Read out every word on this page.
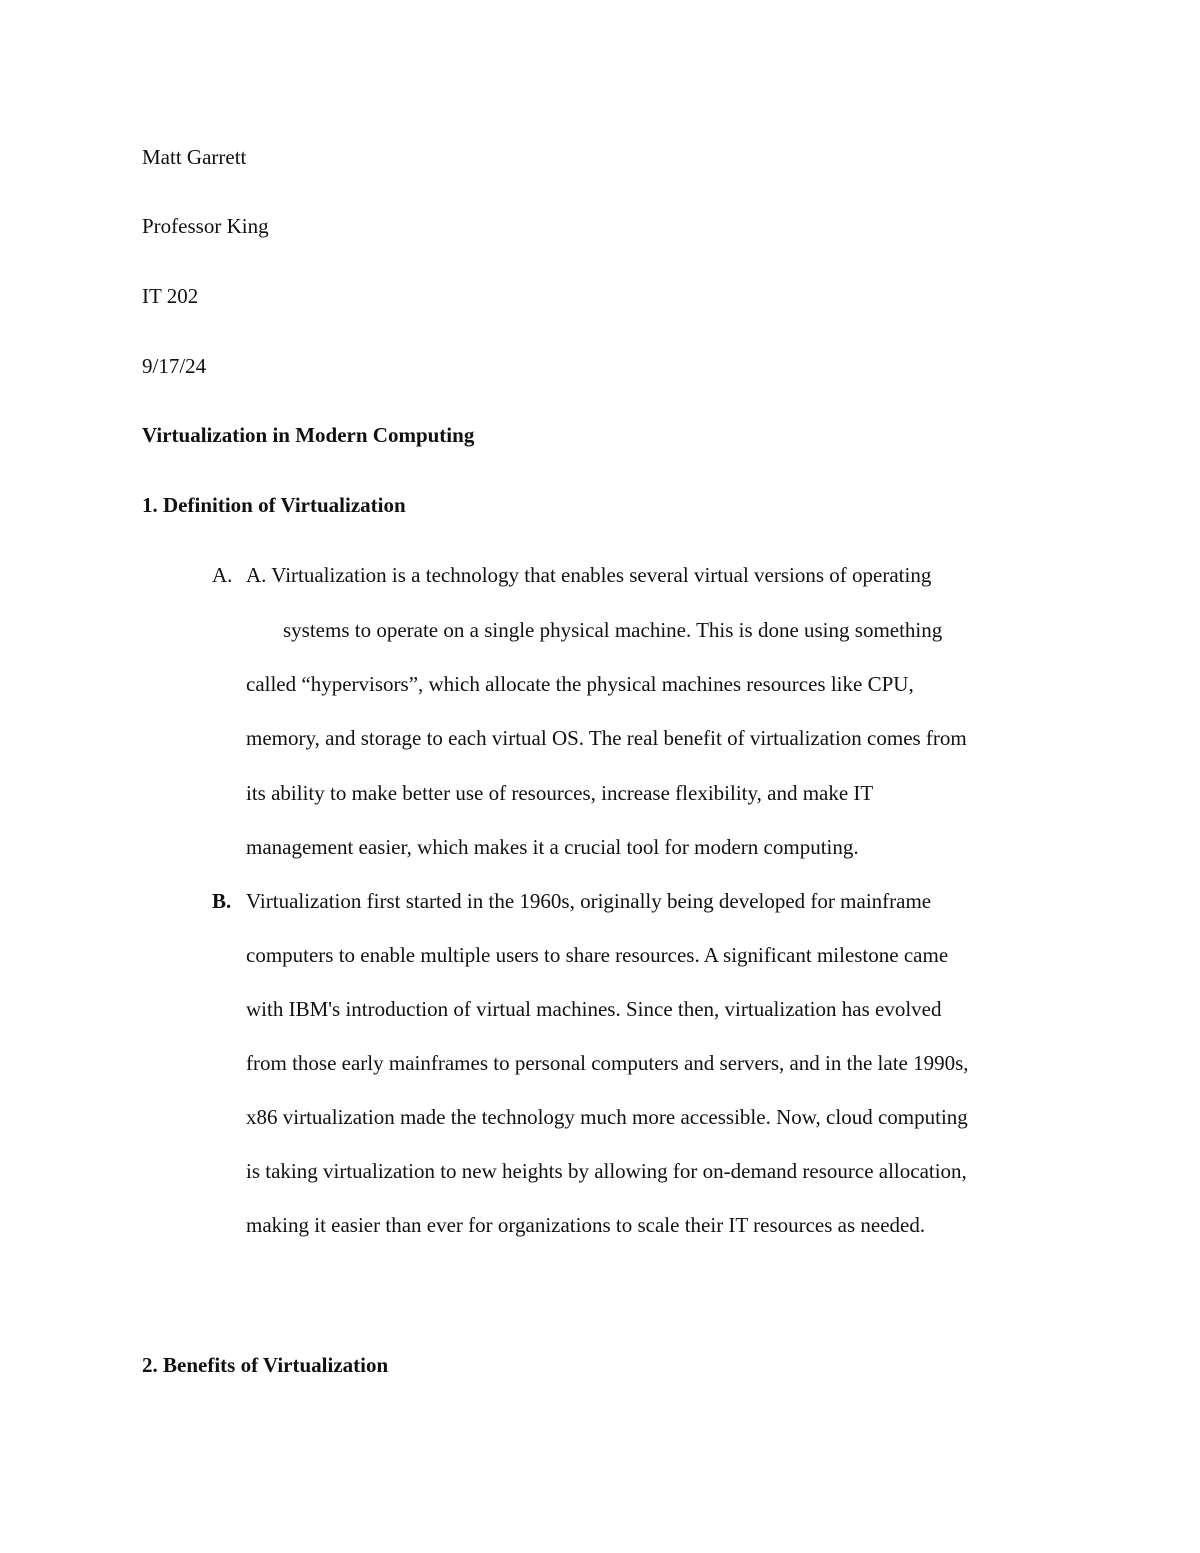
Matt Garrett
Professor King
IT 202
9/17/24
Virtualization in Modern Computing
1. Definition of Virtualization
A. A. Virtualization is a technology that enables several virtual versions of operating
systems to operate on a single physical machine. This is done using something
called “hypervisors”, which allocate the physical machines resources like CPU,
memory, and storage to each virtual OS. The real benefit of virtualization comes from
its ability to make better use of resources, increase flexibility, and make IT
management easier, which makes it a crucial tool for modern computing.
B. Virtualization first started in the 1960s, originally being developed for mainframe
computers to enable multiple users to share resources. A significant milestone came
with IBM's introduction of virtual machines. Since then, virtualization has evolved
from those early mainframes to personal computers and servers, and in the late 1990s,
x86 virtualization made the technology much more accessible. Now, cloud computing
is taking virtualization to new heights by allowing for on-demand resource allocation,
making it easier than ever for organizations to scale their IT resources as needed.
2. Benefits of Virtualization
